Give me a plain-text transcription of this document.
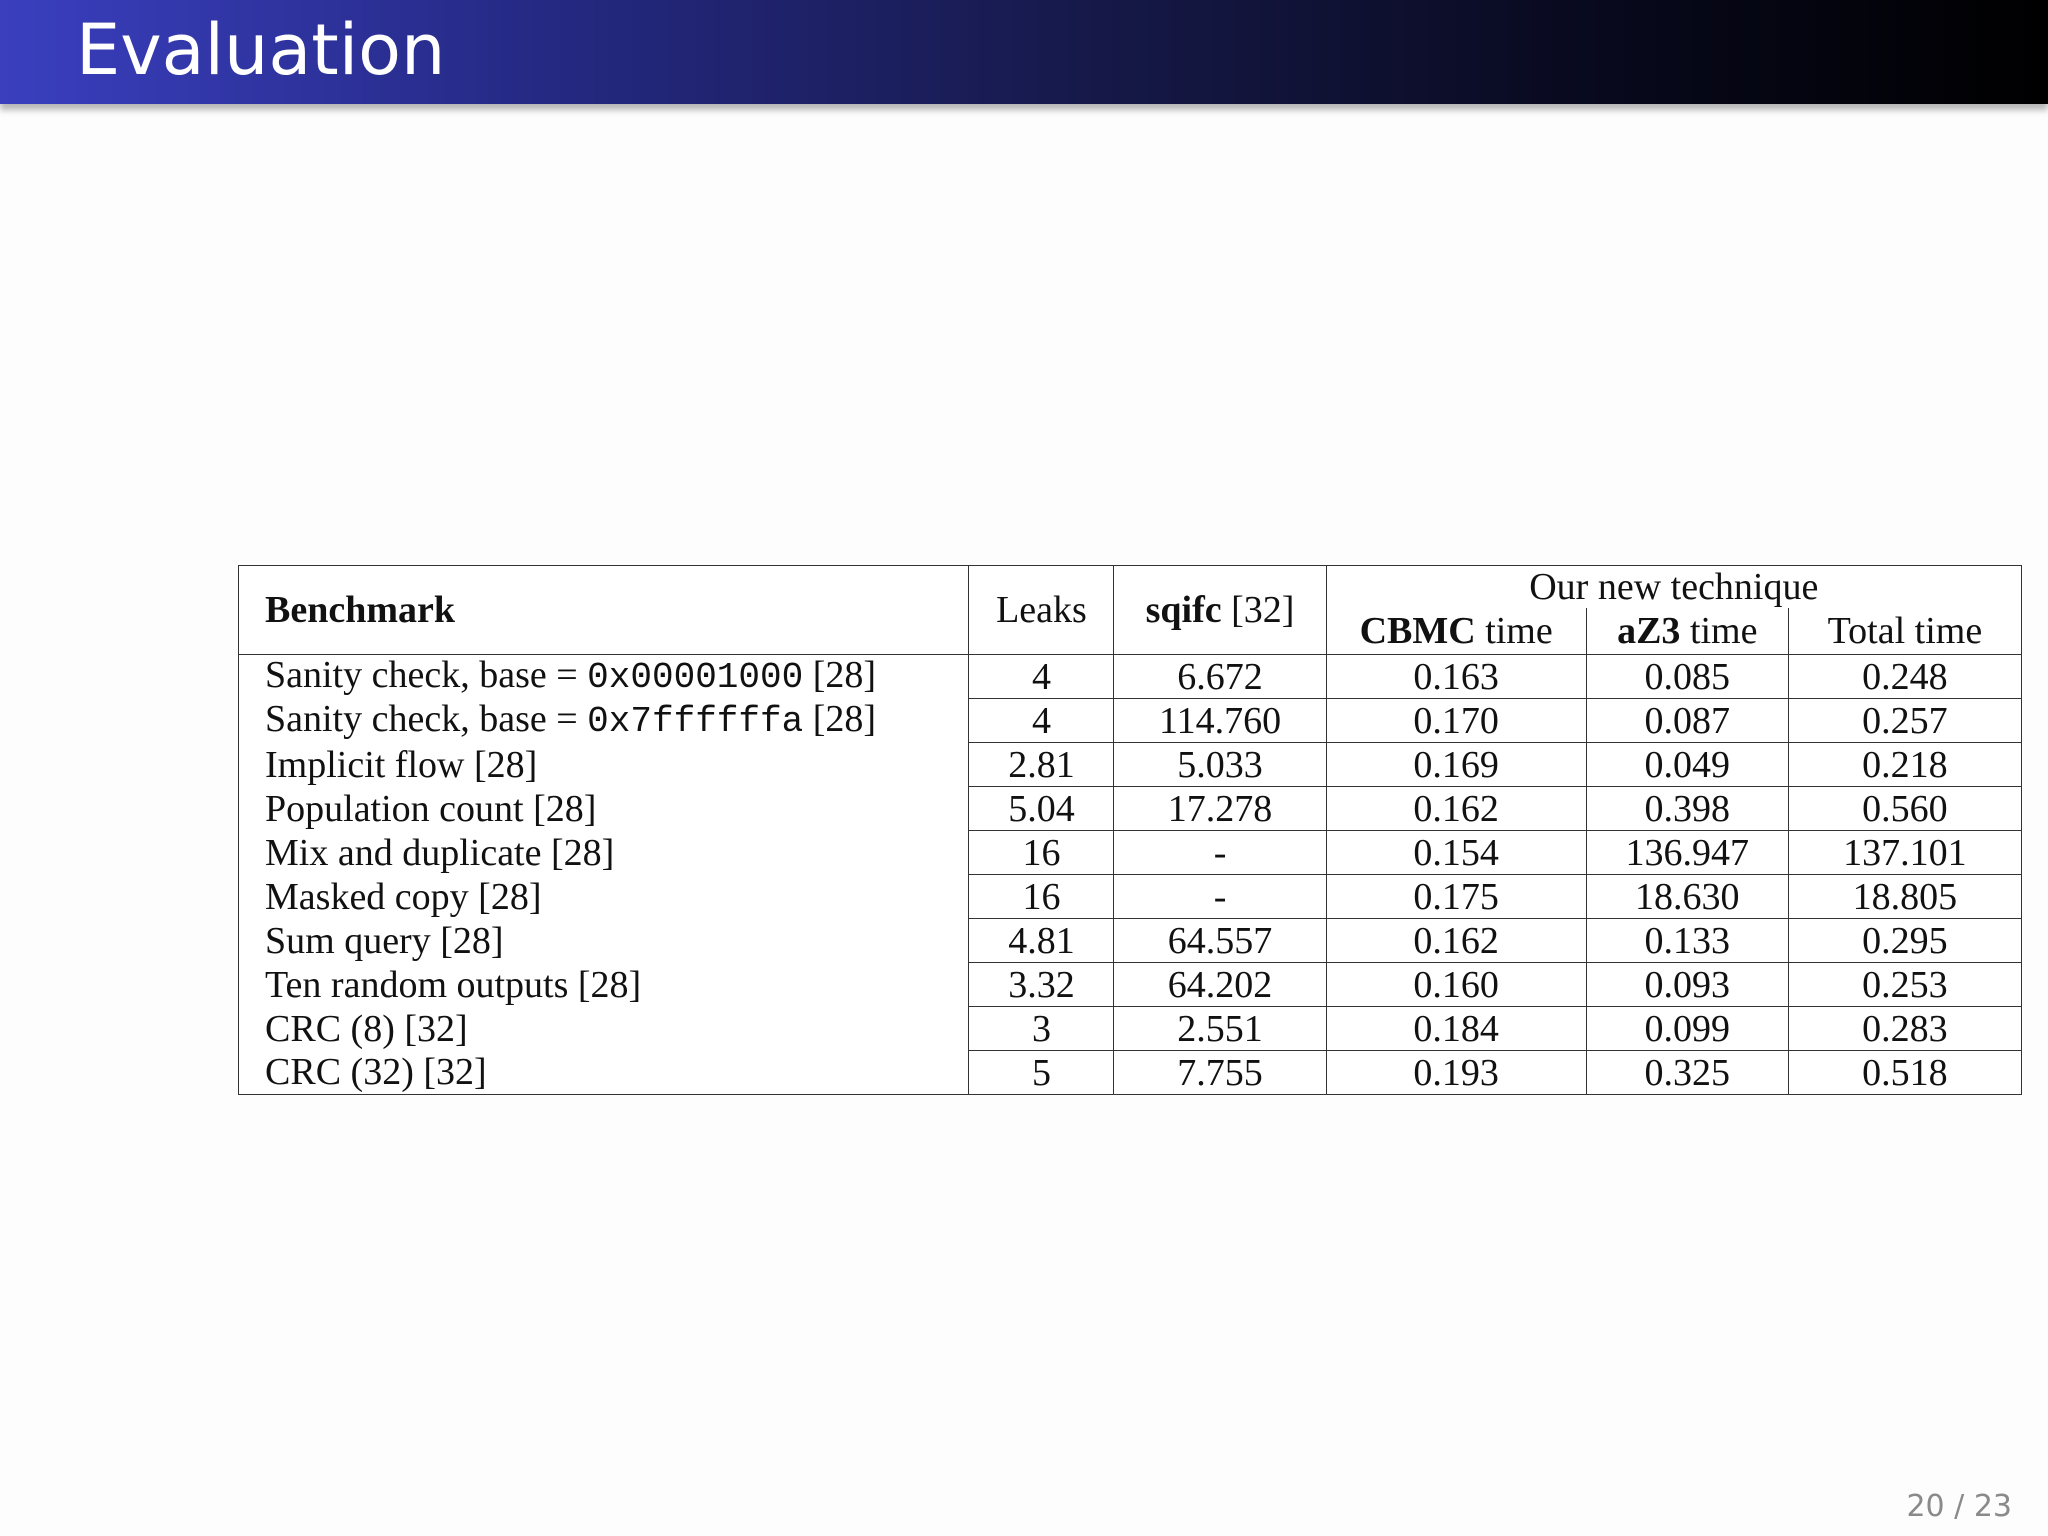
Evaluation
Benchmark	Leaks	sqifc [32]	Our new technique		
			CBMC time	aZ3 time	Total time
Sanity check, base = 0x00001000 [28]	4	6.672	0.163	0.085	0.248
Sanity check, base = 0x7ffffffa [28]	4	114.760	0.170	0.087	0.257
Implicit flow [28]	2.81	5.033	0.169	0.049	0.218
Population count [28]	5.04	17.278	0.162	0.398	0.560
Mix and duplicate [28]	16	-	0.154	136.947	137.101
Masked copy [28]	16	-	0.175	18.630	18.805
Sum query [28]	4.81	64.557	0.162	0.133	0.295
Ten random outputs [28]	3.32	64.202	0.160	0.093	0.253
CRC (8) [32]	3	2.551	0.184	0.099	0.283
CRC (32) [32]	5	7.755	0.193	0.325	0.518
20 / 23
